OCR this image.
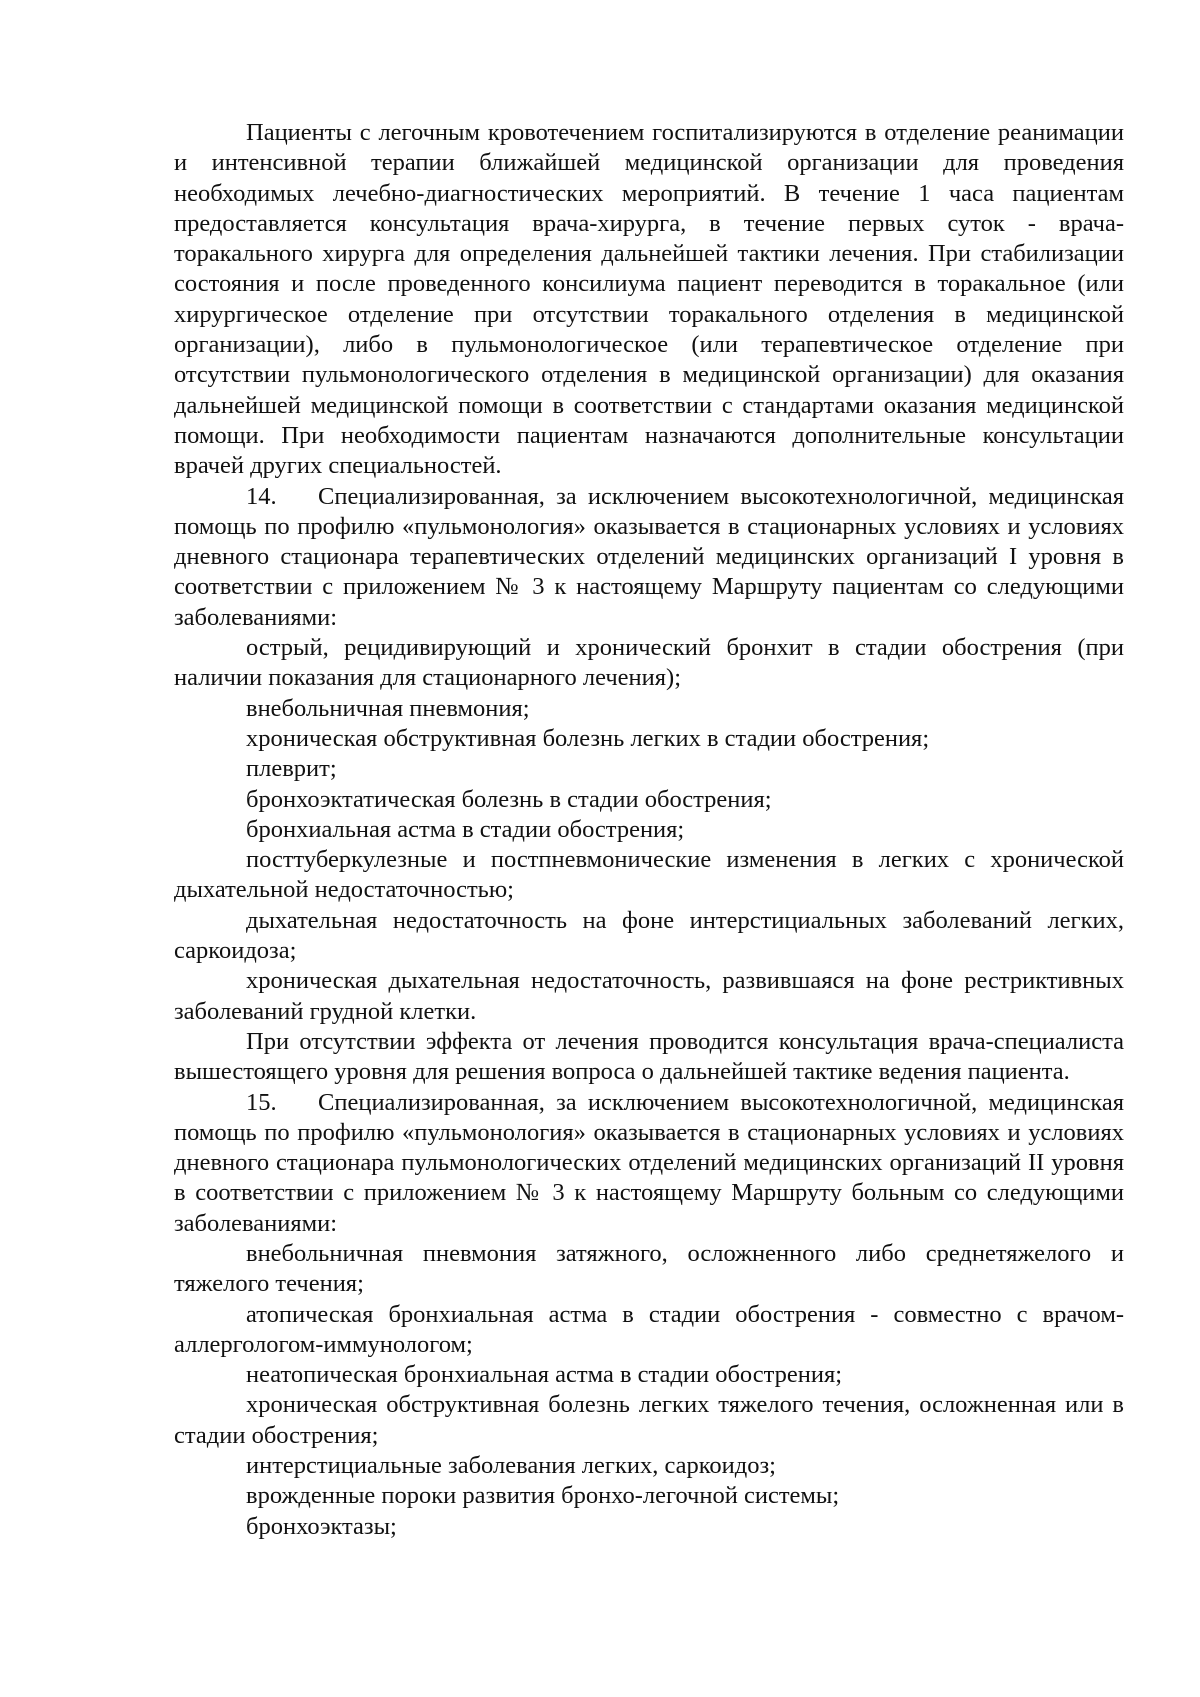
Пациенты с легочным кровотечением госпитализируются в отделение реанимации и интенсивной терапии ближайшей медицинской организации для проведения необходимых лечебно-диагностических мероприятий. В течение 1 часа пациентам предоставляется консультация врача-хирурга, в течение первых суток - врача-торакального хирурга для определения дальнейшей тактики лечения. При стабилизации состояния и после проведенного консилиума пациент переводится в торакальное (или хирургическое отделение при отсутствии торакального отделения в медицинской организации), либо в пульмонологическое (или терапевтическое отделение при отсутствии пульмонологического отделения в медицинской организации) для оказания дальнейшей медицинской помощи в соответствии с стандартами оказания медицинской помощи. При необходимости пациентам назначаются дополнительные консультации врачей других специальностей.

14. Специализированная, за исключением высокотехнологичной, медицинская помощь по профилю «пульмонология» оказывается в стационарных условиях и условиях дневного стационара терапевтических отделений медицинских организаций I уровня в соответствии с приложением № 3 к настоящему Маршруту пациентам со следующими заболеваниями:

острый, рецидивирующий и хронический бронхит в стадии обострения (при наличии показания для стационарного лечения);

внебольничная пневмония;

хроническая обструктивная болезнь легких в стадии обострения;

плеврит;

бронхоэктатическая болезнь в стадии обострения;

бронхиальная астма в стадии обострения;

посттуберкулезные и постпневмонические изменения в легких с хронической дыхательной недостаточностью;

дыхательная недостаточность на фоне интерстициальных заболеваний легких, саркоидоза;

хроническая дыхательная недостаточность, развившаяся на фоне рестриктивных заболеваний грудной клетки.

При отсутствии эффекта от лечения проводится консультация врача-специалиста вышестоящего уровня для решения вопроса о дальнейшей тактике ведения пациента.

15. Специализированная, за исключением высокотехнологичной, медицинская помощь по профилю «пульмонология» оказывается в стационарных условиях и условиях дневного стационара пульмонологических отделений медицинских организаций II уровня в соответствии с приложением № 3 к настоящему Маршруту больным со следующими заболеваниями:

внебольничная пневмония затяжного, осложненного либо среднетяжелого и тяжелого течения;

атопическая бронхиальная астма в стадии обострения - совместно с врачом-аллергологом-иммунологом;

неатопическая бронхиальная астма в стадии обострения;

хроническая обструктивная болезнь легких тяжелого течения, осложненная или в стадии обострения;

интерстициальные заболевания легких, саркоидоз;

врожденные пороки развития бронхо-легочной системы;

бронхоэктазы;
